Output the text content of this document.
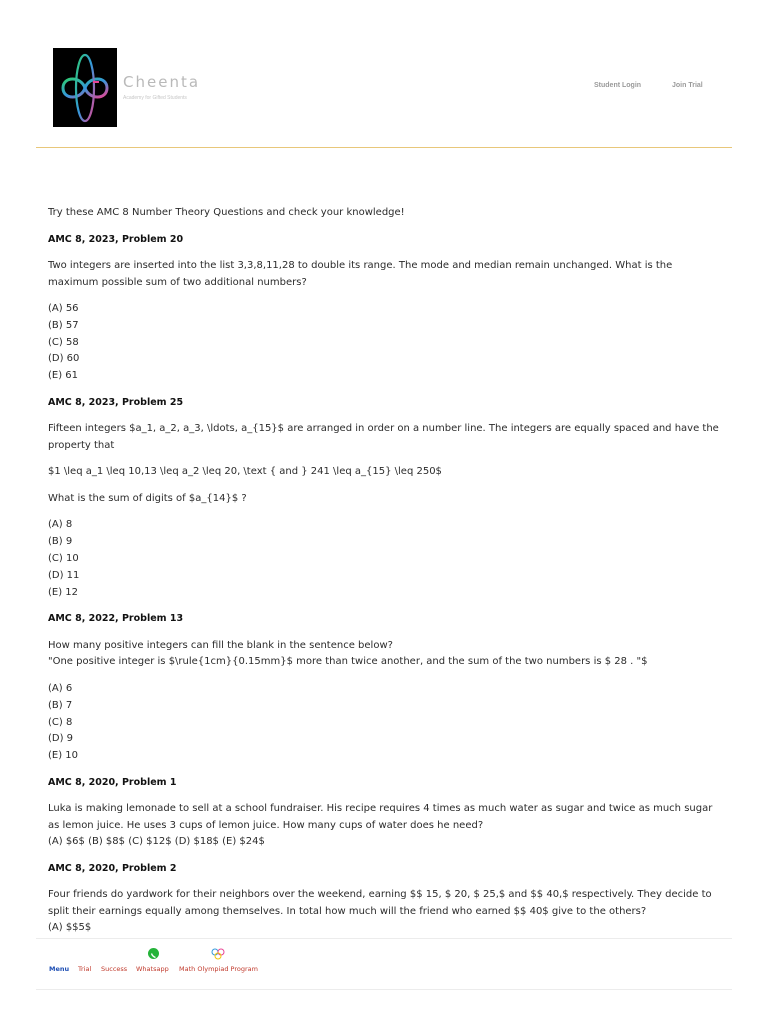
Cheenta
Academy for Gifted Students
Student Login	Join Trial

Try these AMC 8 Number Theory Questions and check your knowledge!

AMC 8, 2023, Problem 20

Two integers are inserted into the list 3,3,8,11,28 to double its range. The mode and median remain unchanged. What is the maximum possible sum of two additional numbers?

(A) 56
(B) 57
(C) 58
(D) 60
(E) 61

AMC 8, 2023, Problem 25

Fifteen integers $a_1, a_2, a_3, \ldots, a_{15}$ are arranged in order on a number line. The integers are equally spaced and have the property that

$1 \leq a_1 \leq 10,13 \leq a_2 \leq 20, \text { and } 241 \leq a_{15} \leq 250$

What is the sum of digits of $a_{14}$ ?

(A) 8
(B) 9
(C) 10
(D) 11
(E) 12

AMC 8, 2022, Problem 13

How many positive integers can fill the blank in the sentence below?

"One positive integer is $\rule{1cm}{0.15mm}$ more than twice another, and the sum of the two numbers is $ 28 . "$

(A) 6
(B) 7
(C) 8
(D) 9
(E) 10

AMC 8, 2020, Problem 1

Luka is making lemonade to sell at a school fundraiser. His recipe requires 4 times as much water as sugar and twice as much sugar as lemon juice. He uses 3 cups of lemon juice. How many cups of water does he need?

(A) $6$ (B) $8$ (C) $12$ (D) $18$ (E) $24$

AMC 8, 2020, Problem 2

Four friends do yardwork for their neighbors over the weekend, earning $$ 15, $ 20, $ 25,$ and $$ 40,$ respectively. They decide to split their earnings equally among themselves. In total how much will the friend who earned $$ 40$ give to the others?

(A) $$5$

Menu Trial Success Whatsapp Math Olympiad Program
